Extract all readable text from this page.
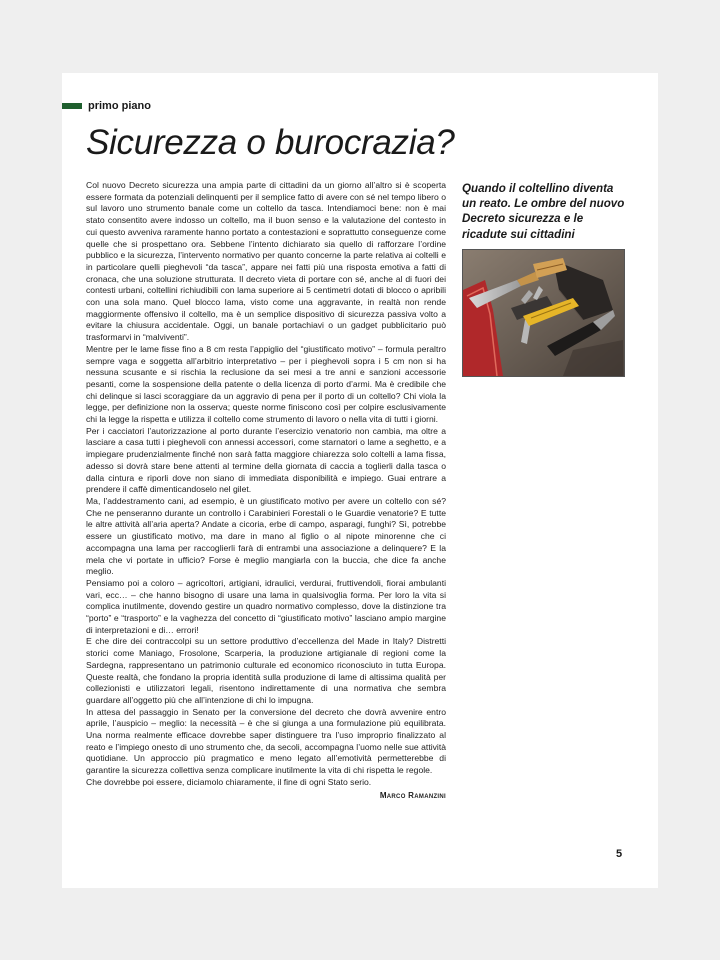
primo piano
Sicurezza o burocrazia?

Col nuovo Decreto sicurezza una ampia parte di cittadini da un giorno all’altro si è scoperta essere formata da potenziali delinquenti per il semplice fatto di avere con sé nel tempo libero o sul lavoro uno strumento banale come un coltello da tasca. Intendiamoci bene: non è mai stato consentito avere indosso un coltello, ma il buon senso e la valutazione del contesto in cui questo avveniva raramente hanno portato a contestazioni e soprattutto conseguenze come quelle che si prospettano ora. Sebbene l’intento dichiarato sia quello di rafforzare l’ordine pubblico e la sicurezza, l’intervento normativo per quanto concerne la parte relativa ai coltelli e in particolare quelli pieghevoli “da tasca”, appare nei fatti più una risposta emotiva a fatti di cronaca, che una soluzione strutturata. Il decreto vieta di portare con sé, anche al di fuori dei contesti urbani, coltellini richiudibili con lama superiore ai 5 centimetri dotati di blocco o apribili con una sola mano. Quel blocco lama, visto come una aggravante, in realtà non rende maggiormente offensivo il coltello, ma è un semplice dispositivo di sicurezza passiva volto a evitare la chiusura accidentale. Oggi, un banale portachiavi o un gadget pubblicitario può trasformarvi in “malviventi”.

Mentre per le lame fisse fino a 8 cm resta l’appiglio del “giustificato motivo” – formula peraltro sempre vaga e soggetta all’arbitrio interpretativo – per i pieghevoli sopra i 5 cm non si ha nessuna scusante e si rischia la reclusione da sei mesi a tre anni e sanzioni accessorie pesanti, come la sospensione della patente o della licenza di porto d’armi. Ma è credibile che chi delinque si lasci scoraggiare da un aggravio di pena per il porto di un coltello? Chi viola la legge, per definizione non la osserva; queste norme finiscono così per colpire esclusivamente chi la legge la rispetta e utilizza il coltello come strumento di lavoro o nella vita di tutti i giorni.

Per i cacciatori l’autorizzazione al porto durante l’esercizio venatorio non cambia, ma oltre a lasciare a casa tutti i pieghevoli con annessi accessori, come starnatori o lame a seghetto, e a impiegare prudenzialmente finché non sarà fatta maggiore chiarezza solo coltelli a lama fissa, adesso si dovrà stare bene attenti al termine della giornata di caccia a toglierli dalla tasca o dalla cintura e riporli dove non siano di immediata disponibilità e impiego. Guai entrare a prendere il caffè dimenticandoselo nel gilet.

Ma, l’addestramento cani, ad esempio, è un giustificato motivo per avere un coltello con sé? Che ne penseranno durante un controllo i Carabinieri Forestali o le Guardie venatorie? E tutte le altre attività all’aria aperta? Andate a cicoria, erbe di campo, asparagi, funghi? Sì, potrebbe essere un giustificato motivo, ma dare in mano al figlio o al nipote minorenne che ci accompagna una lama per raccoglierli farà di entrambi una associazione a delinquere? E la mela che vi portate in ufficio? Forse è meglio mangiarla con la buccia, che dice fa anche meglio.

Pensiamo poi a coloro – agricoltori, artigiani, idraulici, verdurai, fruttivendoli, fiorai ambulanti vari, ecc… – che hanno bisogno di usare una lama in qualsivoglia forma. Per loro la vita si complica inutilmente, dovendo gestire un quadro normativo complesso, dove la distinzione tra “porto” e “trasporto” e la vaghezza del concetto di “giustificato motivo” lasciano ampio margine di interpretazioni e di… errori!

E che dire dei contraccolpi su un settore produttivo d’eccellenza del Made in Italy? Distretti storici come Maniago, Frosolone, Scarperia, la produzione artigianale di regioni come la Sardegna, rappresentano un patrimonio culturale ed economico riconosciuto in tutta Europa. Queste realtà, che fondano la propria identità sulla produzione di lame di altissima qualità per collezionisti e utilizzatori legali, risentono indirettamente di una normativa che sembra guardare all’oggetto più che all’intenzione di chi lo impugna.

In attesa del passaggio in Senato per la conversione del decreto che dovrà avvenire entro aprile, l’auspicio – meglio: la necessità – è che si giunga a una formulazione più equilibrata. Una norma realmente efficace dovrebbe saper distinguere tra l’uso improprio finalizzato al reato e l’impiego onesto di uno strumento che, da secoli, accompagna l’uomo nelle sue attività quotidiane. Un approccio più pragmatico e meno legato all’emotività permetterebbe di garantire la sicurezza collettiva senza complicare inutilmente la vita di chi rispetta le regole.

Che dovrebbe poi essere, diciamolo chiaramente, il fine di ogni Stato serio.

Marco Ramanzini
Quando il coltellino diventa un reato. Le ombre del nuovo Decreto sicurezza e le ricadute sui cittadini
5
